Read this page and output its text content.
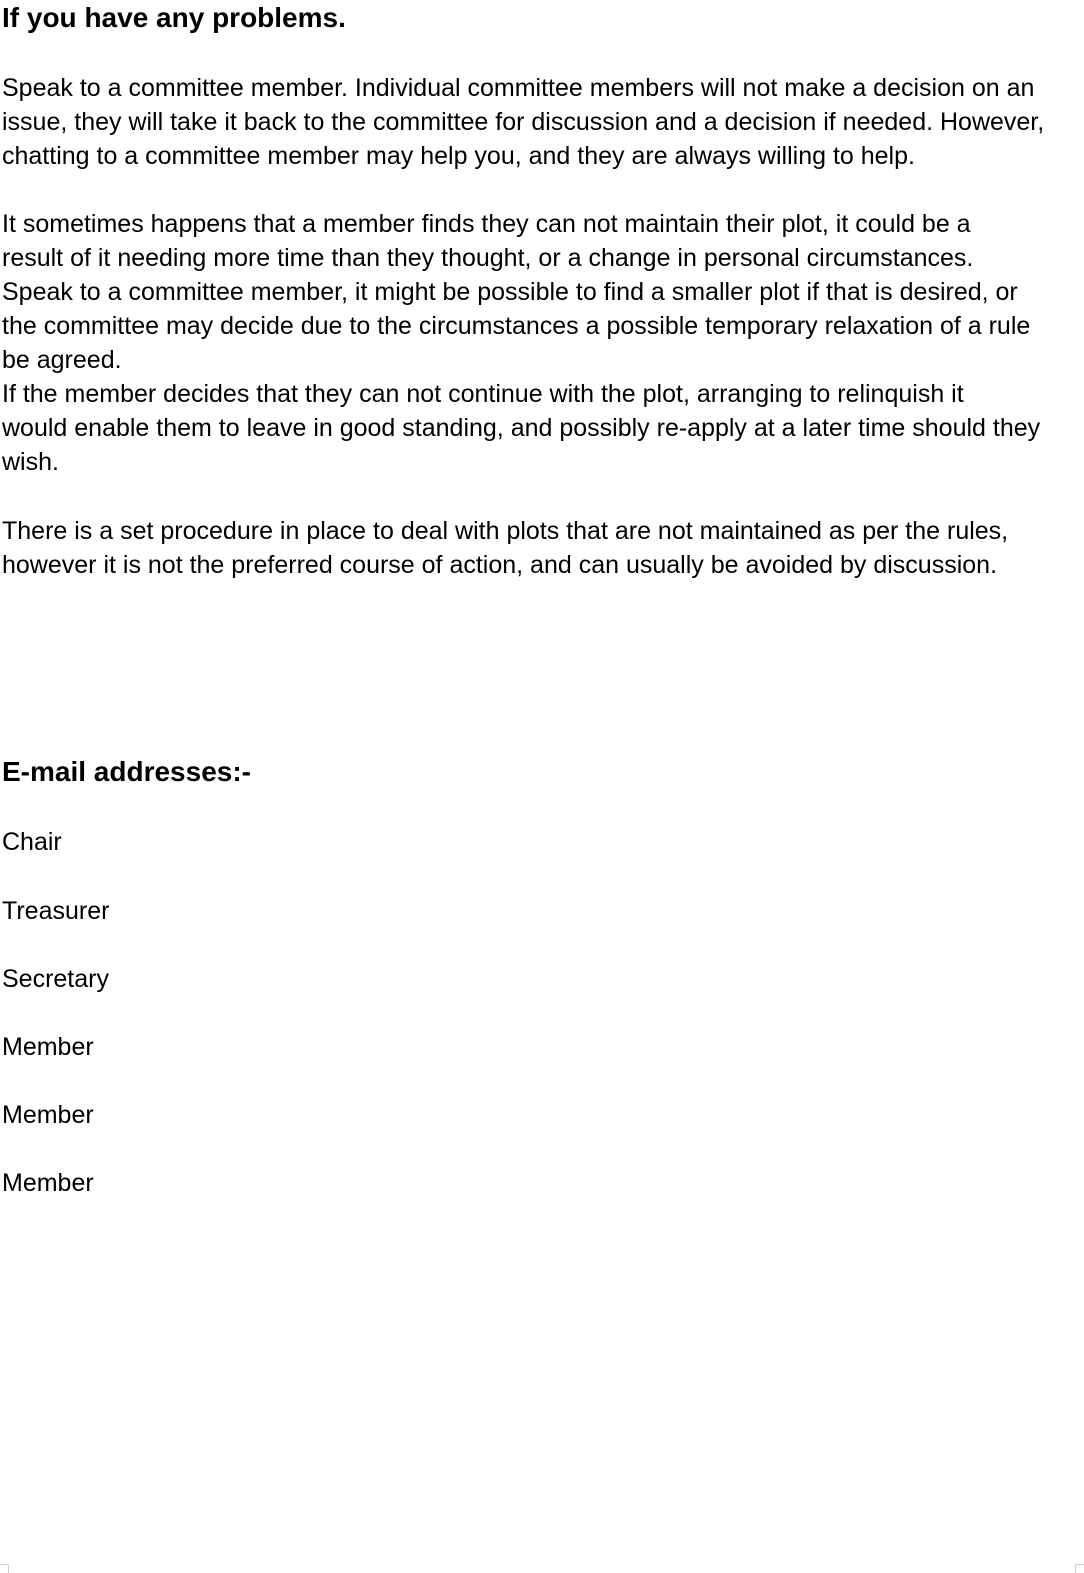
If you have any problems.

Speak to a committee member. Individual committee members will not make a decision on an
issue, they will take it back to the committee for discussion and a decision if needed. However,
chatting to a committee member may help you, and they are always willing to help.

It sometimes happens that a member finds they can not maintain their plot, it could be a
result of it needing more time than they thought, or a change in personal circumstances.
Speak to a committee member, it might be possible to find a smaller plot if that is desired, or
the committee may decide due to the circumstances a possible temporary relaxation of a rule
be agreed.
If the member decides that they can not continue with the plot, arranging to relinquish it
would enable them to leave in good standing, and possibly re-apply at a later time should they
wish.

There is a set procedure in place to deal with plots that are not maintained as per the rules,
however it is not the preferred course of action, and can usually be avoided by discussion.

E-mail addresses:-

Chair

Treasurer

Secretary

Member

Member

Member
